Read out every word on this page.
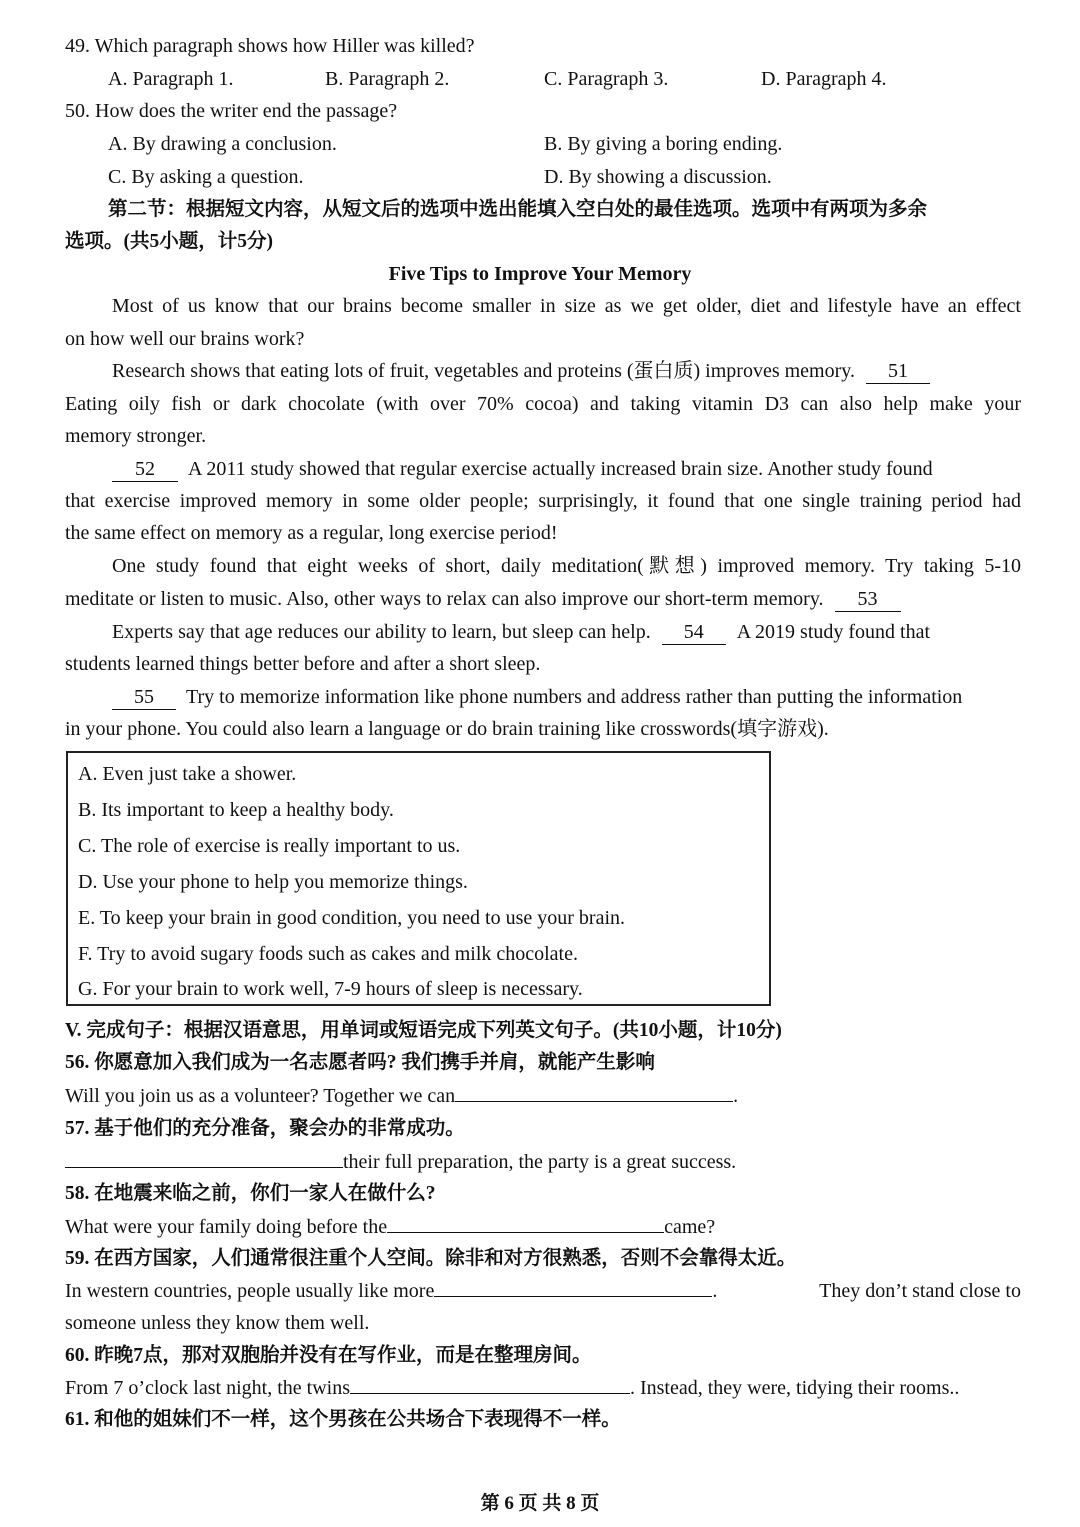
49. Which paragraph shows how Hiller was killed?
A. Paragraph 1.	B. Paragraph 2.	C. Paragraph 3.	D. Paragraph 4.
50. How does the writer end the passage?
A. By drawing a conclusion.	B. By giving a boring ending.
C. By asking a question.	D. By showing a discussion.
第二节：根据短文内容，从短文后的选项中选出能填入空白处的最佳选项。选项中有两项为多余
选项。(共5小题，计5分)
Five Tips to Improve Your Memory
Most of us know that our brains become smaller in size as we get older, diet and lifestyle have an effect
on how well our brains work?
Research shows that eating lots of fruit, vegetables and proteins (蛋白质) improves memory. 51
Eating oily fish or dark chocolate (with over 70% cocoa) and taking vitamin D3 can also help make your
memory stronger.
52 A 2011 study showed that regular exercise actually increased brain size. Another study found
that exercise improved memory in some older people; surprisingly, it found that one single training period had
the same effect on memory as a regular, long exercise period!
One study found that eight weeks of short, daily meditation(默想) improved memory. Try taking 5-10
meditate or listen to music. Also, other ways to relax can also improve our short-term memory. 53
Experts say that age reduces our ability to learn, but sleep can help. 54 A 2019 study found that
students learned things better before and after a short sleep.
55 Try to memorize information like phone numbers and address rather than putting the information
in your phone. You could also learn a language or do brain training like crosswords(填字游戏).
A. Even just take a shower.
B. Its important to keep a healthy body.
C. The role of exercise is really important to us.
D. Use your phone to help you memorize things.
E. To keep your brain in good condition, you need to use your brain.
F. Try to avoid sugary foods such as cakes and milk chocolate.
G. For your brain to work well, 7-9 hours of sleep is necessary.
V. 完成句子：根据汉语意思，用单词或短语完成下列英文句子。(共10小题，计10分)
56. 你愿意加入我们成为一名志愿者吗? 我们携手并肩，就能产生影响
Will you join us as a volunteer? Together we can	.
57. 基于他们的充分准备，聚会办的非常成功。
their full preparation, the party is a great success.
58. 在地震来临之前，你们一家人在做什么?
What were your family doing before the	came?
59. 在西方国家，人们通常很注重个人空间。除非和对方很熟悉，否则不会靠得太近。
In western countries, people usually like more	.	They don’t stand close to
someone unless they know them well.
60. 昨晚7点，那对双胞胎并没有在写作业，而是在整理房间。
From 7 o’clock last night, the twins	. Instead, they were, tidying their rooms..
61. 和他的姐妹们不一样，这个男孩在公共场合下表现得不一样。
第 6 页 共 8 页
